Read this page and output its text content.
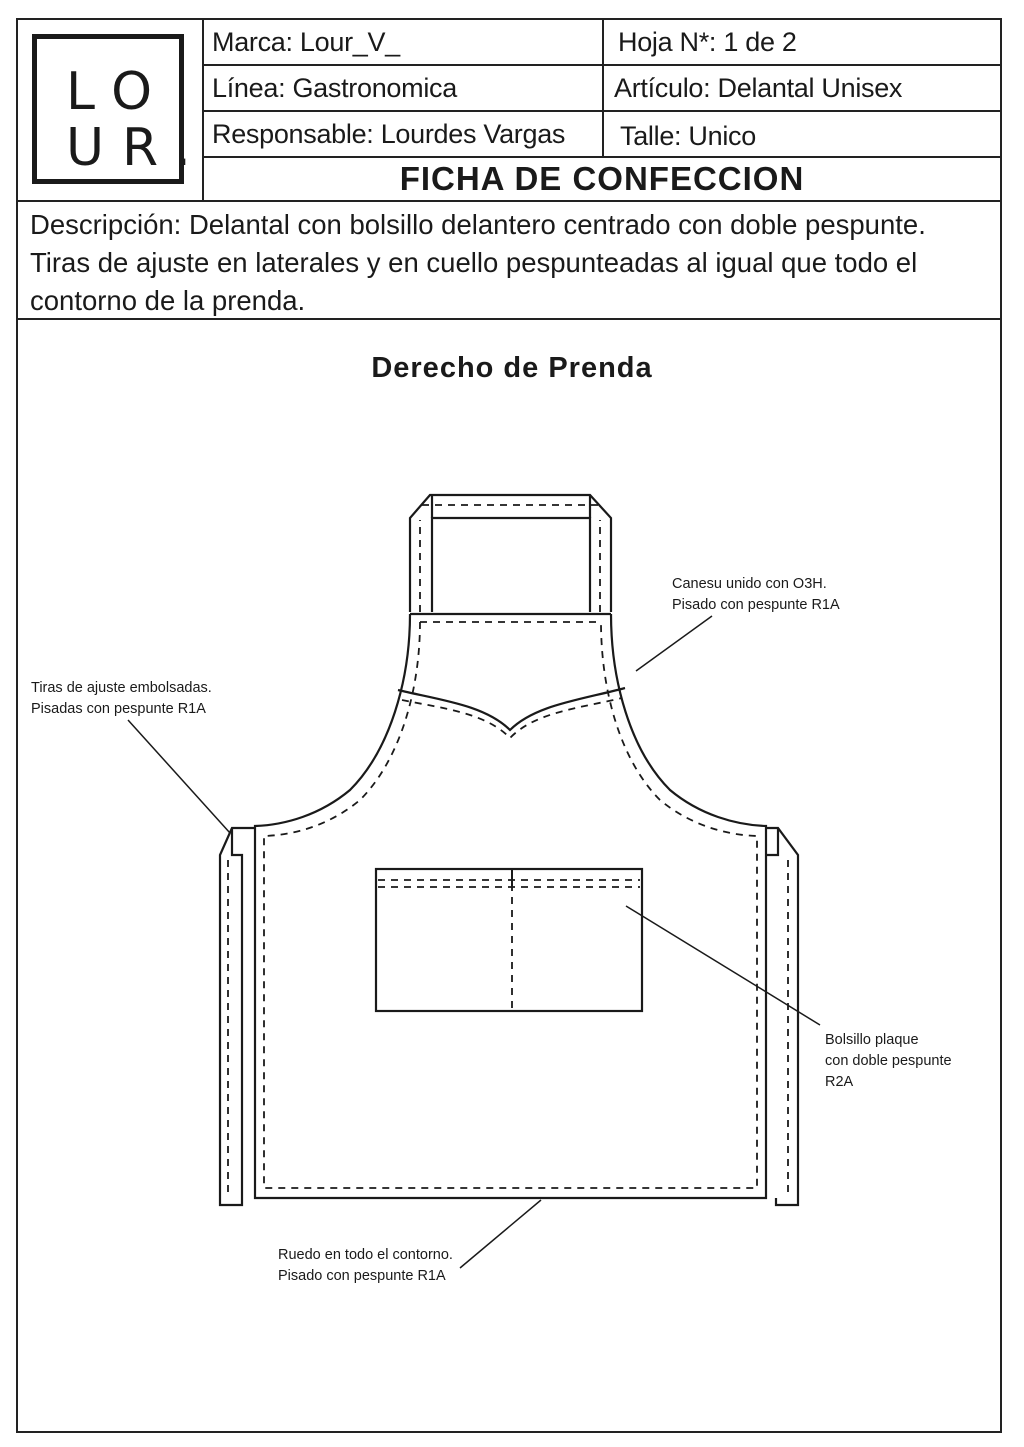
LO
UR.
Marca: Lour_V_	Hoja N*: 1 de 2
Línea: Gastronomica	Artículo: Delantal Unisex
Responsable: Lourdes Vargas	Talle: Unico
FICHA DE CONFECCION
Descripción: Delantal con bolsillo delantero centrado con doble pespunte.
Tiras de ajuste en laterales y en cuello pespunteadas al igual que todo el
contorno de la prenda.
Derecho de Prenda
Canesu unido con O3H.
Pisado con pespunte R1A
Tiras de ajuste embolsadas.
Pisadas con pespunte R1A
Bolsillo plaque
con doble pespunte
R2A
Ruedo en todo el contorno.
Pisado con pespunte R1A
